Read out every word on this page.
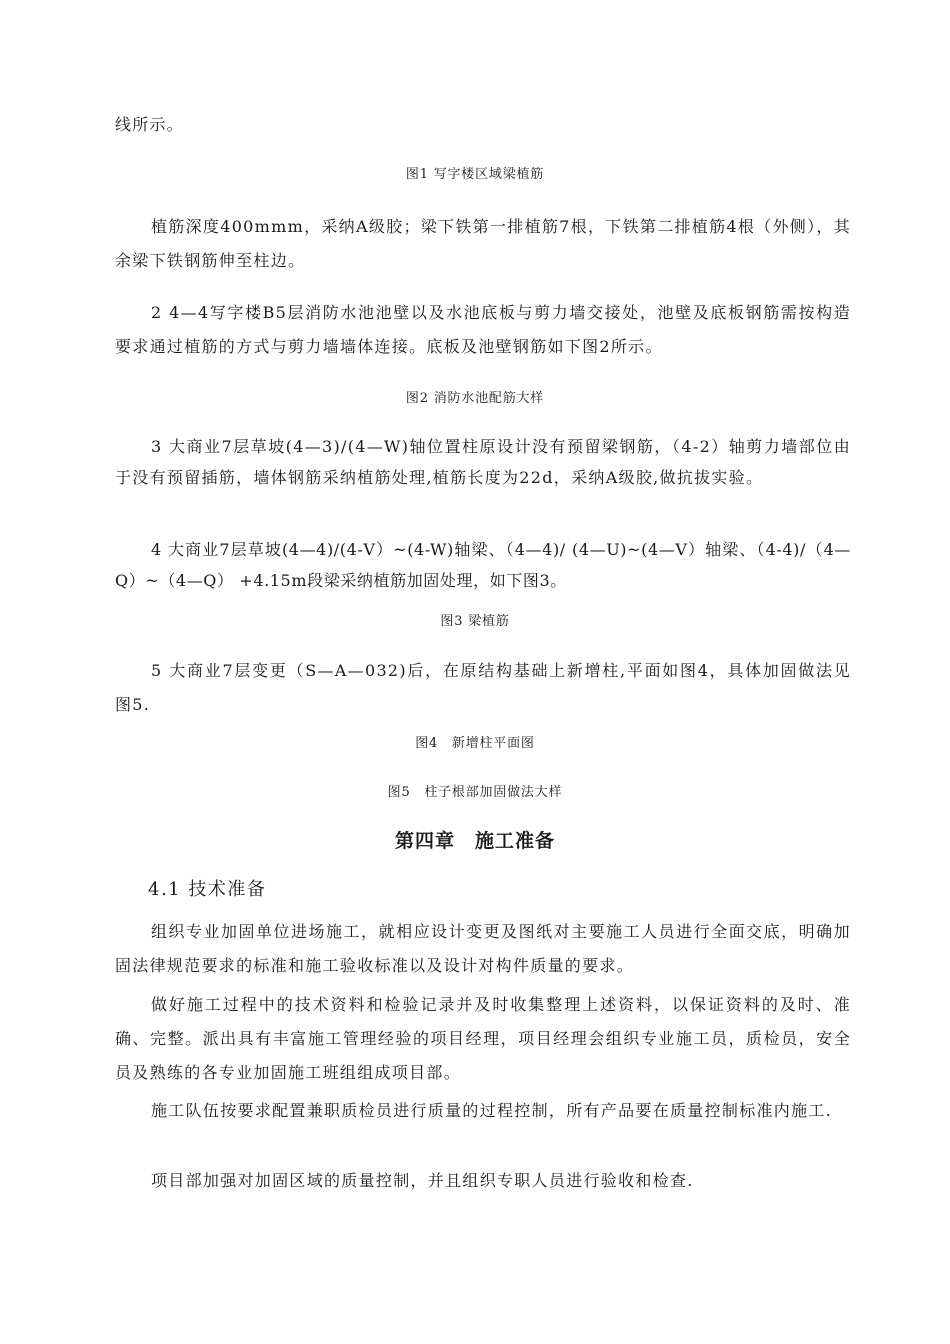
线所示。
图1 写字楼区域梁植筋
植筋深度400mmm，采纳A级胶；梁下铁第一排植筋7根，下铁第二排植筋4根（外侧），其余梁下铁钢筋伸至柱边。
2 4—4写字楼B5层消防水池池壁以及水池底板与剪力墙交接处，池壁及底板钢筋需按构造要求通过植筋的方式与剪力墙墙体连接。底板及池壁钢筋如下图2所示。
图2 消防水池配筋大样
3 大商业7层草坡(4—3)/(4—W)轴位置柱原设计没有预留梁钢筋，（4-2）轴剪力墙部位由于没有预留插筋，墙体钢筋采纳植筋处理,植筋长度为22d，采纳A级胶,做抗拔实验。
4 大商业7层草坡(4—4)/(4-V）~(4-W)轴梁、（4—4)/ (4—U)~(4—V）轴梁、（4-4)/（4—Q）~（4—Q） +4.15m段梁采纳植筋加固处理，如下图3。
图3 梁植筋
5 大商业7层变更（S—A—032)后，在原结构基础上新增柱,平面如图4，具体加固做法见图5.
图4　新增柱平面图
图5　柱子根部加固做法大样
第四章　施工准备
4.1 技术准备
组织专业加固单位进场施工，就相应设计变更及图纸对主要施工人员进行全面交底，明确加固法律规范要求的标准和施工验收标准以及设计对构件质量的要求。
做好施工过程中的技术资料和检验记录并及时收集整理上述资料，以保证资料的及时、准确、完整。派出具有丰富施工管理经验的项目经理，项目经理会组织专业施工员，质检员，安全员及熟练的各专业加固施工班组组成项目部。
施工队伍按要求配置兼职质检员进行质量的过程控制，所有产品要在质量控制标准内施工.
项目部加强对加固区域的质量控制，并且组织专职人员进行验收和检查.
